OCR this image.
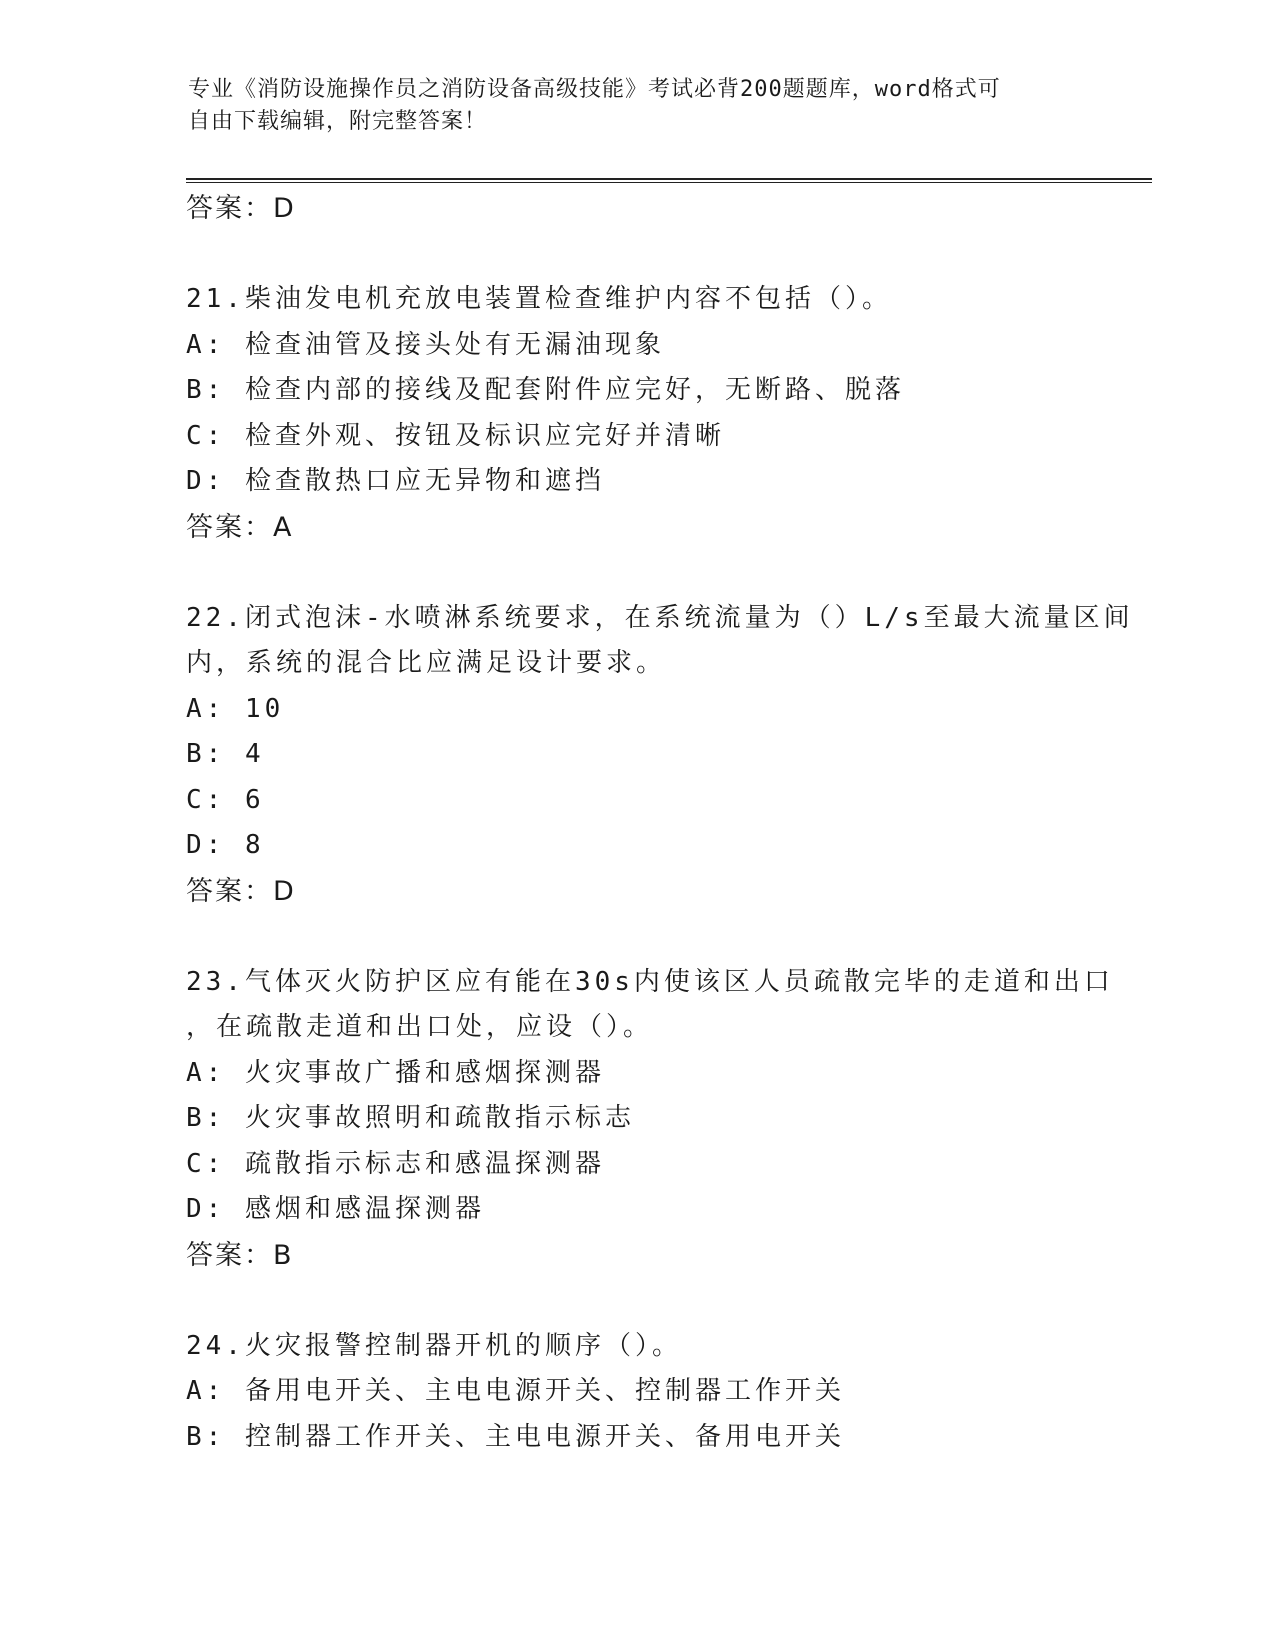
专业《消防设施操作员之消防设备高级技能》考试必背200题题库，word格式可
自由下载编辑，附完整答案！
答案：D
21.柴油发电机充放电装置检查维护内容不包括（）。
A: 检查油管及接头处有无漏油现象
B: 检查内部的接线及配套附件应完好，无断路、脱落
C: 检查外观、按钮及标识应完好并清晰
D: 检查散热口应无异物和遮挡
答案：A
22.闭式泡沫-水喷淋系统要求，在系统流量为（）L/s至最大流量区间
内，系统的混合比应满足设计要求。
A: 10
B: 4
C: 6
D: 8
答案：D
23.气体灭火防护区应有能在30s内使该区人员疏散完毕的走道和出口
，在疏散走道和出口处，应设（）。
A: 火灾事故广播和感烟探测器
B: 火灾事故照明和疏散指示标志
C: 疏散指示标志和感温探测器
D: 感烟和感温探测器
答案：B
24.火灾报警控制器开机的顺序（）。
A: 备用电开关、主电电源开关、控制器工作开关
B: 控制器工作开关、主电电源开关、备用电开关
